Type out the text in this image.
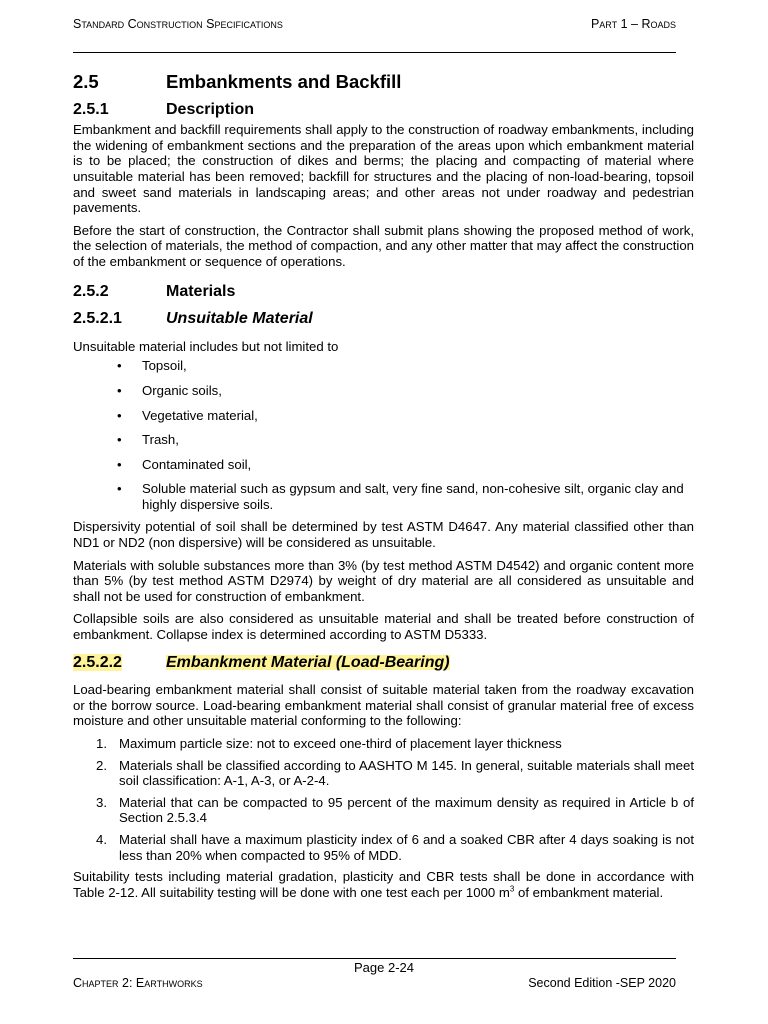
Standard Construction Specifications	Part 1 – Roads
2.5	Embankments and Backfill
2.5.1	Description

Embankment and backfill requirements shall apply to the construction of roadway embankments, including the widening of embankment sections and the preparation of the areas upon which embankment material is to be placed; the construction of dikes and berms; the placing and compacting of material where unsuitable material has been removed; backfill for structures and the placing of non-load-bearing, topsoil and sweet sand materials in landscaping areas; and other areas not under roadway and pedestrian pavements.

Before the start of construction, the Contractor shall submit plans showing the proposed method of work, the selection of materials, the method of compaction, and any other matter that may affect the construction of the embankment or sequence of operations.

2.5.2	Materials
2.5.2.1	Unsuitable Material

Unsuitable material includes but not limited to

• Topsoil,
• Organic soils,
• Vegetative material,
• Trash,
• Contaminated soil,
• Soluble material such as gypsum and salt, very fine sand, non-cohesive silt, organic clay and highly dispersive soils.

Dispersivity potential of soil shall be determined by test ASTM D4647. Any material classified other than ND1 or ND2 (non dispersive) will be considered as unsuitable.

Materials with soluble substances more than 3% (by test method ASTM D4542) and organic content more than 5% (by test method ASTM D2974) by weight of dry material are all considered as unsuitable and shall not be used for construction of embankment.

Collapsible soils are also considered as unsuitable material and shall be treated before construction of embankment. Collapse index is determined according to ASTM D5333.

2.5.2.2	Embankment Material (Load-Bearing)

Load-bearing embankment material shall consist of suitable material taken from the roadway excavation or the borrow source. Load-bearing embankment material shall consist of granular material free of excess moisture and other unsuitable material conforming to the following:

1. Maximum particle size: not to exceed one-third of placement layer thickness
2. Materials shall be classified according to AASHTO M 145. In general, suitable materials shall meet soil classification: A-1, A-3, or A-2-4.
3. Material that can be compacted to 95 percent of the maximum density as required in Article b of Section 2.5.3.4
4. Material shall have a maximum plasticity index of 6 and a soaked CBR after 4 days soaking is not less than 20% when compacted to 95% of MDD.

Suitability tests including material gradation, plasticity and CBR tests shall be done in accordance with Table 2-12. All suitability testing will be done with one test each per 1000 $m^3$ of embankment material.

Page 2-24
Chapter 2: Earthworks	Second Edition -SEP 2020
